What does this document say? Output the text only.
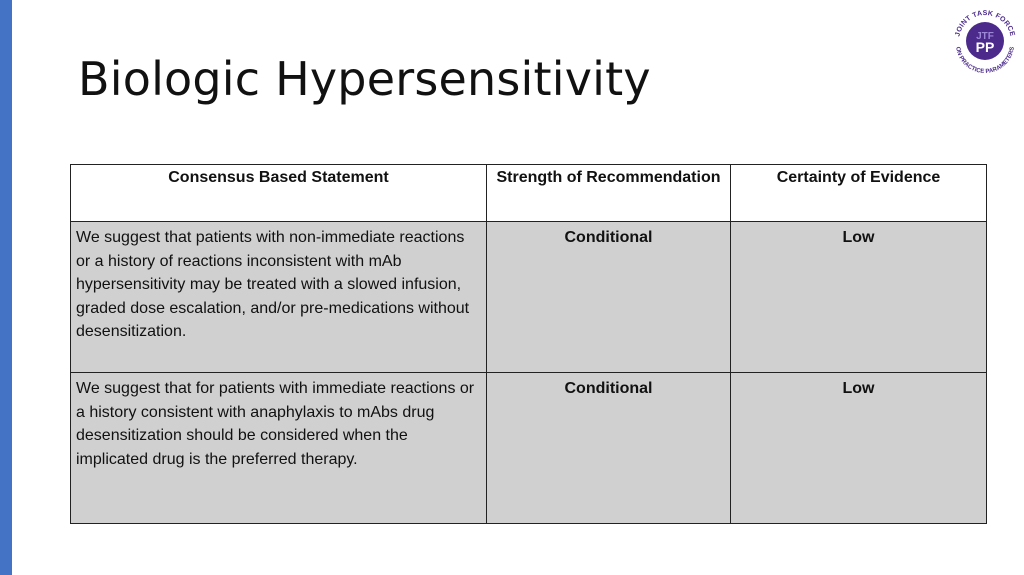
Biologic Hypersensitivity
JOINT TASK FORCE
ON PRACTICE PARAMETERS
JTF
PP
Consensus Based Statement	Strength of Recommendation	Certainty of Evidence
We suggest that patients with non-immediate reactions or a history of reactions inconsistent with mAb hypersensitivity may be treated with a slowed infusion, graded dose escalation, and/or pre-medications without desensitization.	Conditional	Low
We suggest that for patients with immediate reactions or a history consistent with anaphylaxis to mAbs drug desensitization should be considered when the implicated drug is the preferred therapy.	Conditional	Low
